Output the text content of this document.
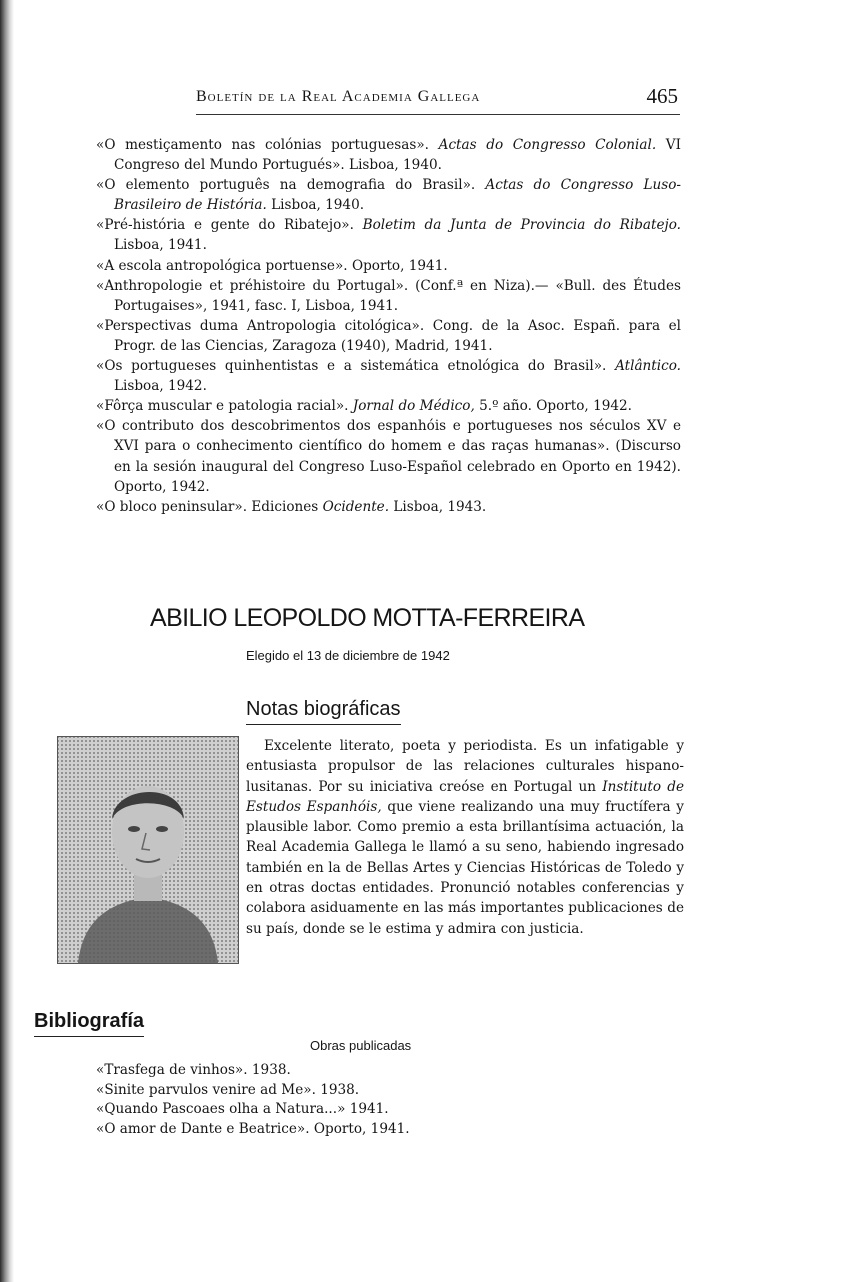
Boletín de la Real Academia Gallega	465
«O mestiçamento nas colónias portuguesas». Actas do Congresso Colonial. VI Congreso del Mundo Portugués». Lisboa, 1940.
«O elemento português na demografia do Brasil». Actas do Congresso Luso-Brasileiro de História. Lisboa, 1940.
«Pré-história e gente do Ribatejo». Boletim da Junta de Provincia do Ribatejo. Lisboa, 1941.
«A escola antropológica portuense». Oporto, 1941.
«Anthropologie et préhistoire du Portugal». (Conf.ª en Niza).— «Bull. des Études Portugaises», 1941, fasc. I, Lisboa, 1941.
«Perspectivas duma Antropologia citológica». Cong. de la Asoc. Españ. para el Progr. de las Ciencias, Zaragoza (1940), Madrid, 1941.
«Os portugueses quinhentistas e a sistemática etnológica do Brasil». Atlântico. Lisboa, 1942.
«Fôrça muscular e patologia racial». Jornal do Médico, 5.º año. Oporto, 1942.
«O contributo dos descobrimentos dos espanhóis e portugueses nos séculos XV e XVI para o conhecimento científico do homem e das raças humanas». (Discurso en la sesión inaugural del Congreso Luso-Español celebrado en Oporto en 1942). Oporto, 1942.
«O bloco peninsular». Ediciones Ocidente. Lisboa, 1943.
ABILIO LEOPOLDO MOTTA-FERREIRA
Elegido el 13 de diciembre de 1942
Notas biográficas

Excelente literato, poeta y periodista. Es un infatigable y entusiasta propulsor de las relaciones culturales hispano-lusitanas. Por su iniciativa creóse en Portugal un Instituto de Estudos Espanhóis, que viene realizando una muy fructífera y plausible labor. Como premio a esta brillantísima actuación, la Real Academia Gallega le llamó a su seno, habiendo ingresado también en la de Bellas Artes y Ciencias Históricas de Toledo y en otras doctas entidades. Pronunció notables conferencias y colabora asiduamente en las más importantes publicaciones de su país, donde se le estima y admira con justicia.

Bibliografía
Obras publicadas
«Trasfega de vinhos». 1938.
«Sinite parvulos venire ad Me». 1938.
«Quando Pascoaes olha a Natura...» 1941.
«O amor de Dante e Beatrice». Oporto, 1941.
